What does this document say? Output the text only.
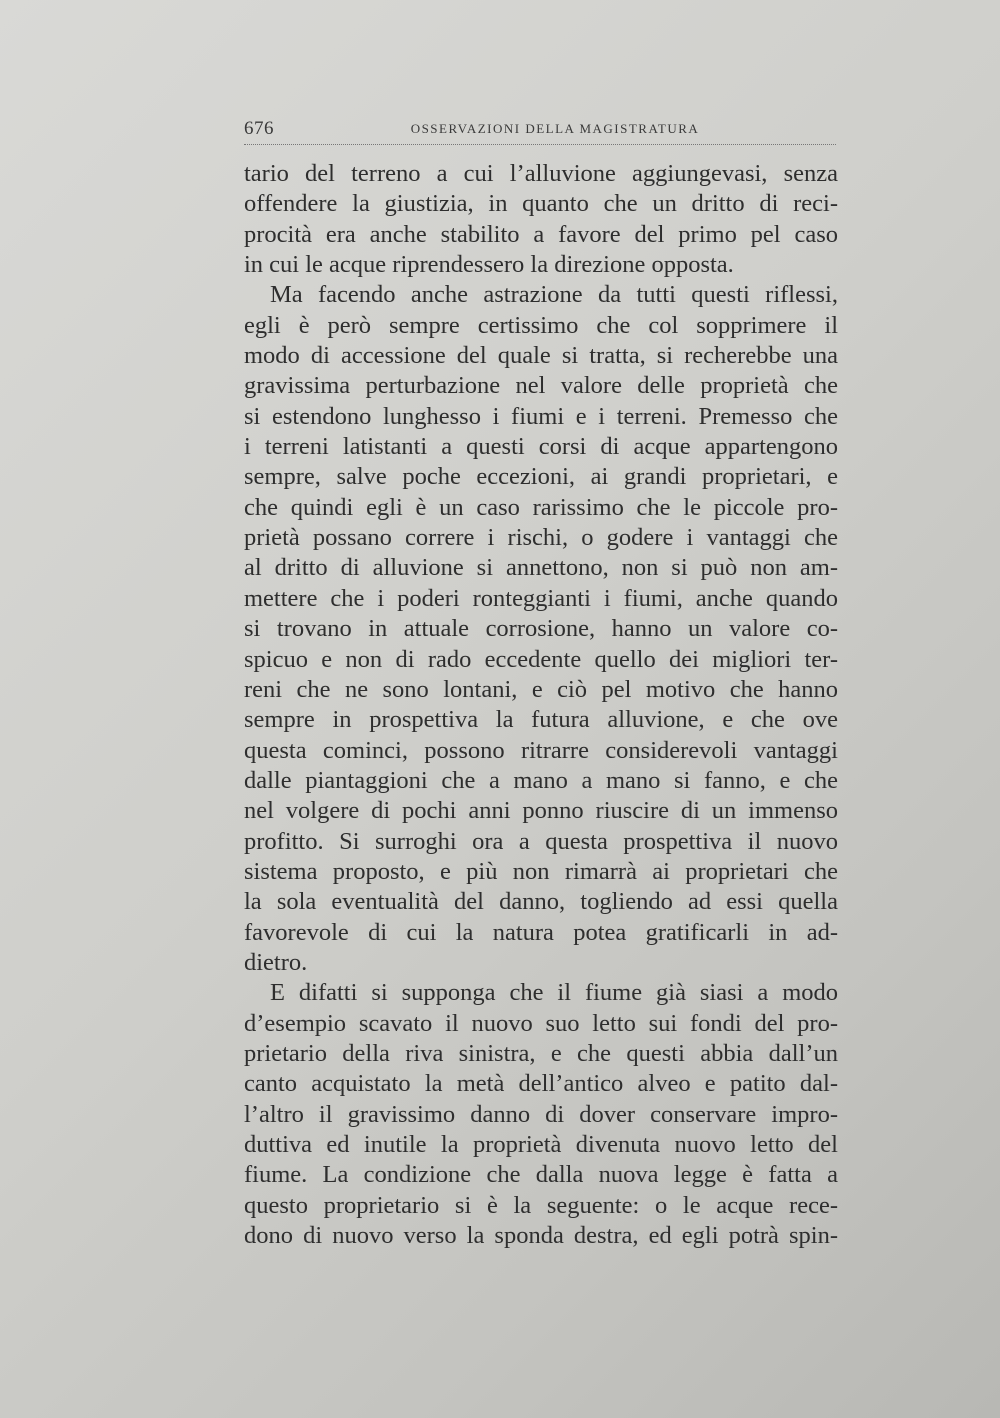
676	OSSERVAZIONI DELLA MAGISTRATURA
tario del terreno a cui l’alluvione aggiungevasi, senza
offendere la giustizia, in quanto che un dritto di reci-
procità era anche stabilito a favore del primo pel caso
in cui le acque riprendessero la direzione opposta.
Ma facendo anche astrazione da tutti questi riflessi,
egli è però sempre certissimo che col sopprimere il
modo di accessione del quale si tratta, si recherebbe una
gravissima perturbazione nel valore delle proprietà che
si estendono lunghesso i fiumi e i terreni. Premesso che
i terreni latistanti a questi corsi di acque appartengono
sempre, salve poche eccezioni, ai grandi proprietari, e
che quindi egli è un caso rarissimo che le piccole pro-
prietà possano correre i rischi, o godere i vantaggi che
al dritto di alluvione si annettono, non si può non am-
mettere che i poderi ronteggianti i fiumi, anche quando
si trovano in attuale corrosione, hanno un valore co-
spicuo e non di rado eccedente quello dei migliori ter-
reni che ne sono lontani, e ciò pel motivo che hanno
sempre in prospettiva la futura alluvione, e che ove
questa cominci, possono ritrarre considerevoli vantaggi
dalle piantaggioni che a mano a mano si fanno, e che
nel volgere di pochi anni ponno riuscire di un immenso
profitto. Si surroghi ora a questa prospettiva il nuovo
sistema proposto, e più non rimarrà ai proprietari che
la sola eventualità del danno, togliendo ad essi quella
favorevole di cui la natura potea gratificarli in ad-
dietro.
E difatti si supponga che il fiume già siasi a modo
d’esempio scavato il nuovo suo letto sui fondi del pro-
prietario della riva sinistra, e che questi abbia dall’un
canto acquistato la metà dell’antico alveo e patito dal-
l’altro il gravissimo danno di dover conservare impro-
duttiva ed inutile la proprietà divenuta nuovo letto del
fiume. La condizione che dalla nuova legge è fatta a
questo proprietario si è la seguente: o le acque rece-
dono di nuovo verso la sponda destra, ed egli potrà spin-
